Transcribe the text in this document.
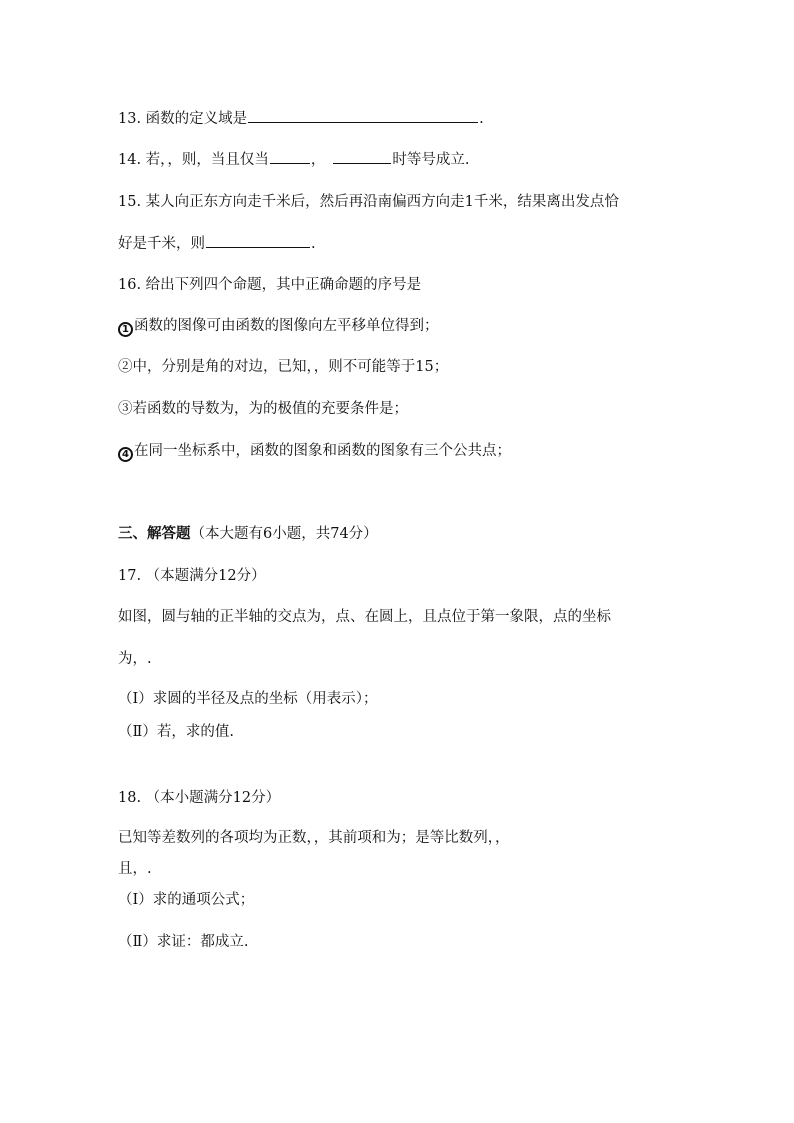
13. 函数的定义域是	.
14. 若，，则，当且仅当	，	时等号成立.
15. 某人向正东方向走千米后，然后再沿南偏西方向走1千米，结果离出发点恰
好是千米，则	.
16. 给出下列四个命题，其中正确命题的序号是
1 函数的图像可由函数的图像向左平移单位得到；
②中，分别是角的对边，已知，，则不可能等于15；
③若函数的导数为，为的极值的充要条件是；
4 在同一坐标系中，函数的图象和函数的图象有三个公共点；
三、解答题（本大题有6小题，共74分）
17. （本题满分12分）
如图，圆与轴的正半轴的交点为，点、在圆上，且点位于第一象限，点的坐标
为，.
（Ⅰ）求圆的半径及点的坐标（用表示）；
（Ⅱ）若，求的值.
18. （本小题满分12分）
已知等差数列的各项均为正数，，其前项和为；是等比数列，，
且，.
（Ⅰ）求的通项公式；
（Ⅱ）求证：都成立.
